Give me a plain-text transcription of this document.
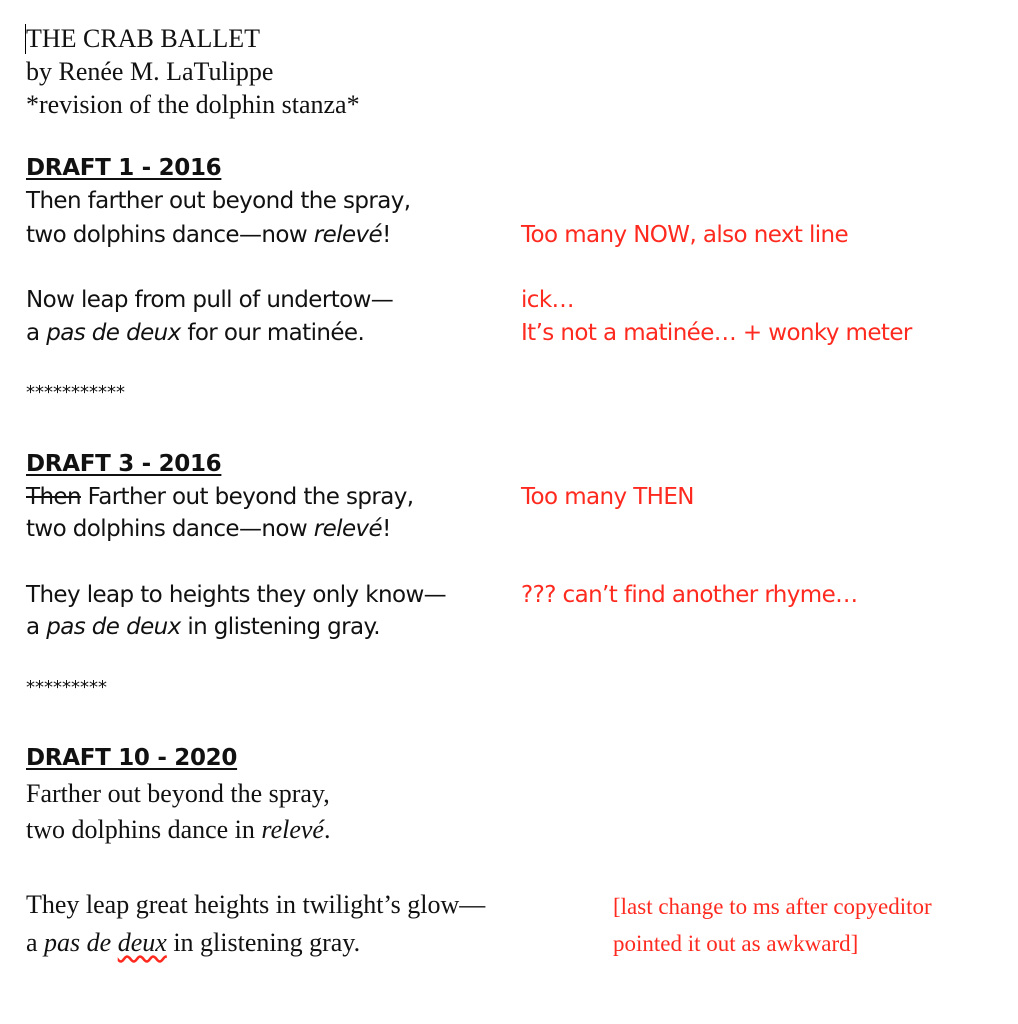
THE CRAB BALLET

by Renée M. LaTulippe

*revision of the dolphin stanza*

DRAFT 1 - 2016

Then farther out beyond the spray,

two dolphins dance—now relevé!

Now leap from pull of undertow—

a pas de deux for our matinée.

Too many NOW, also next line

ick…

It’s not a matinée… + wonky meter

***********

DRAFT 3 - 2016

Then Farther out beyond the spray,

two dolphins dance—now relevé!

They leap to heights they only know—

a pas de deux in glistening gray.

Too many THEN

??? can’t find another rhyme…

*********

DRAFT 10 - 2020

Farther out beyond the spray,

two dolphins dance in relevé.

They leap great heights in twilight’s glow—

a pas de deux in glistening gray.

[last change to ms after copyeditor

pointed it out as awkward]
